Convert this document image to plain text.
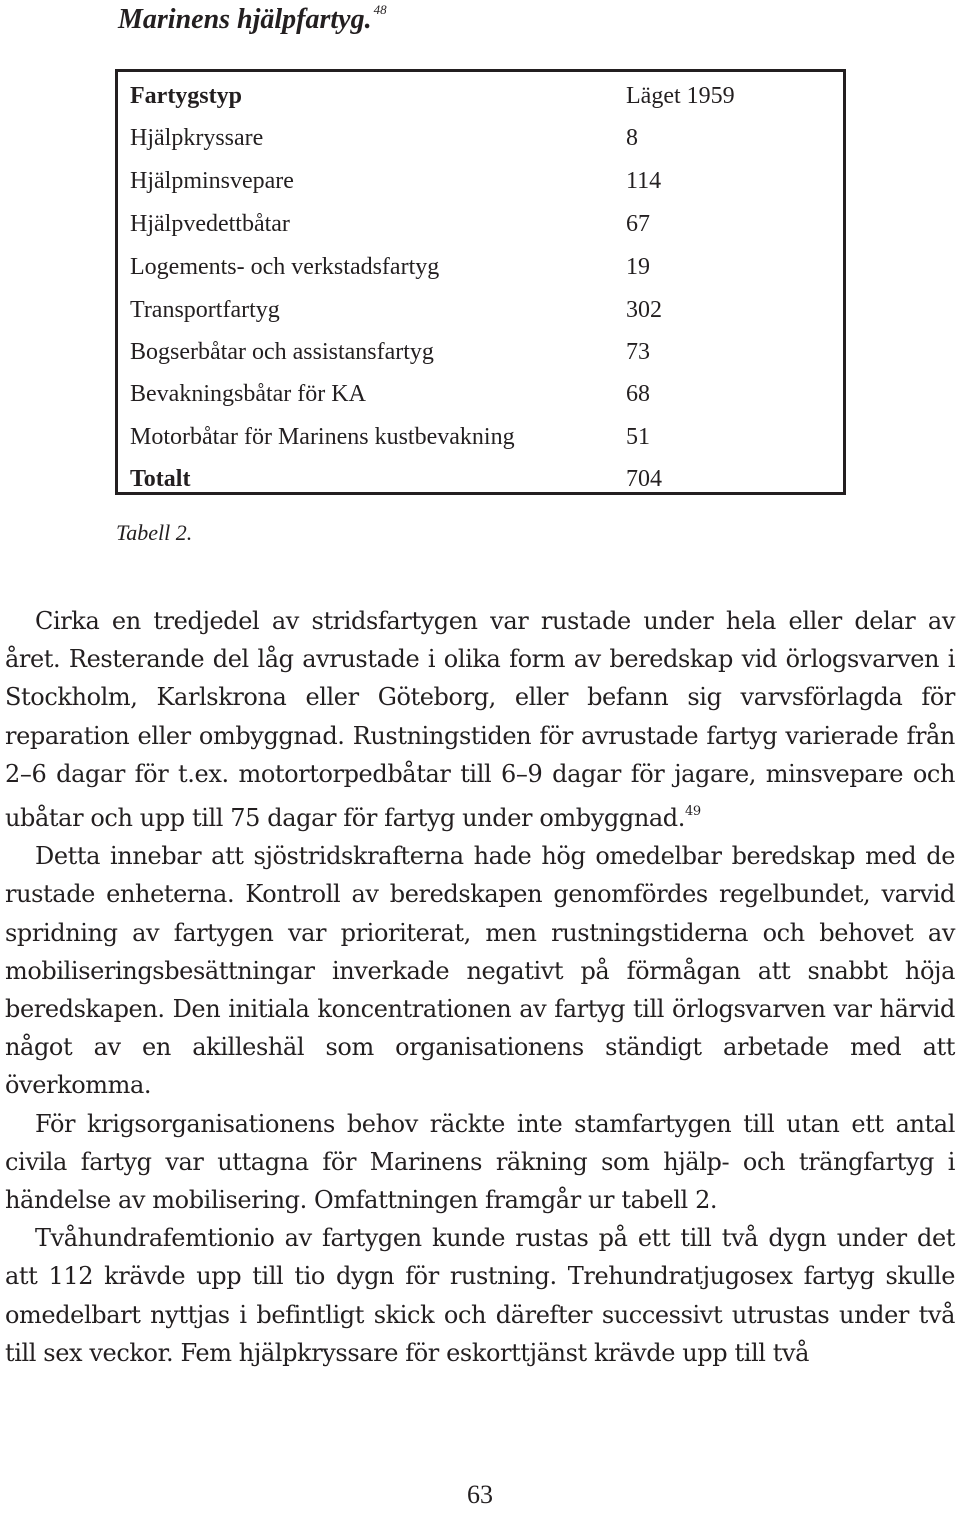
Marinens hjälpfartyg. $^{48}$
Fartygstyp	Läget 1959
Hjälpkryssare	8
Hjälpminsvepare	114
Hjälpvedettbåtar	67
Logements- och verkstadsfartyg	19
Transportfartyg	302
Bogserbåtar och assistansfartyg	73
Bevakningsbåtar för KA	68
Motorbåtar för Marinens kustbevakning	51
Totalt	704
Tabell 2.

Cirka en tredjedel av stridsfartygen var rustade under hela eller delar av året. Resterande del låg avrustade i olika form av beredskap vid örlogsvarven i Stockholm, Karlskrona eller Göteborg, eller befann sig varvsförlagda för reparation eller ombyggnad. Rustningstiden för avrustade fartyg varierade från 2–6 dagar för t.ex. motortorpedbåtar till 6–9 dagar för jagare, minsvepare och ubåtar och upp till 75 dagar för fartyg under ombyggnad.$^{49}$

Detta innebar att sjöstridskrafterna hade hög omedelbar beredskap med de rustade enheterna. Kontroll av beredskapen genomfördes regelbundet, varvid spridning av fartygen var prioriterat, men rustningstiderna och behovet av mobiliseringsbesättningar inverkade negativt på förmågan att snabbt höja beredskapen. Den initiala koncentrationen av fartyg till örlogsvarven var härvid något av en akilleshäl som organisationens ständigt arbetade med att överkomma.

För krigsorganisationens behov räckte inte stamfartygen till utan ett antal civila fartyg var uttagna för Marinens räkning som hjälp- och trängfartyg i händelse av mobilisering. Omfattningen framgår ur tabell 2.

Tvåhundrafemtionio av fartygen kunde rustas på ett till två dygn under det att 112 krävde upp till tio dygn för rustning. Trehundratjugosex fartyg skulle omedelbart nyttjas i befintligt skick och därefter successivt utrustas under två till sex veckor. Fem hjälpkryssare för eskorttjänst krävde upp till två

63
